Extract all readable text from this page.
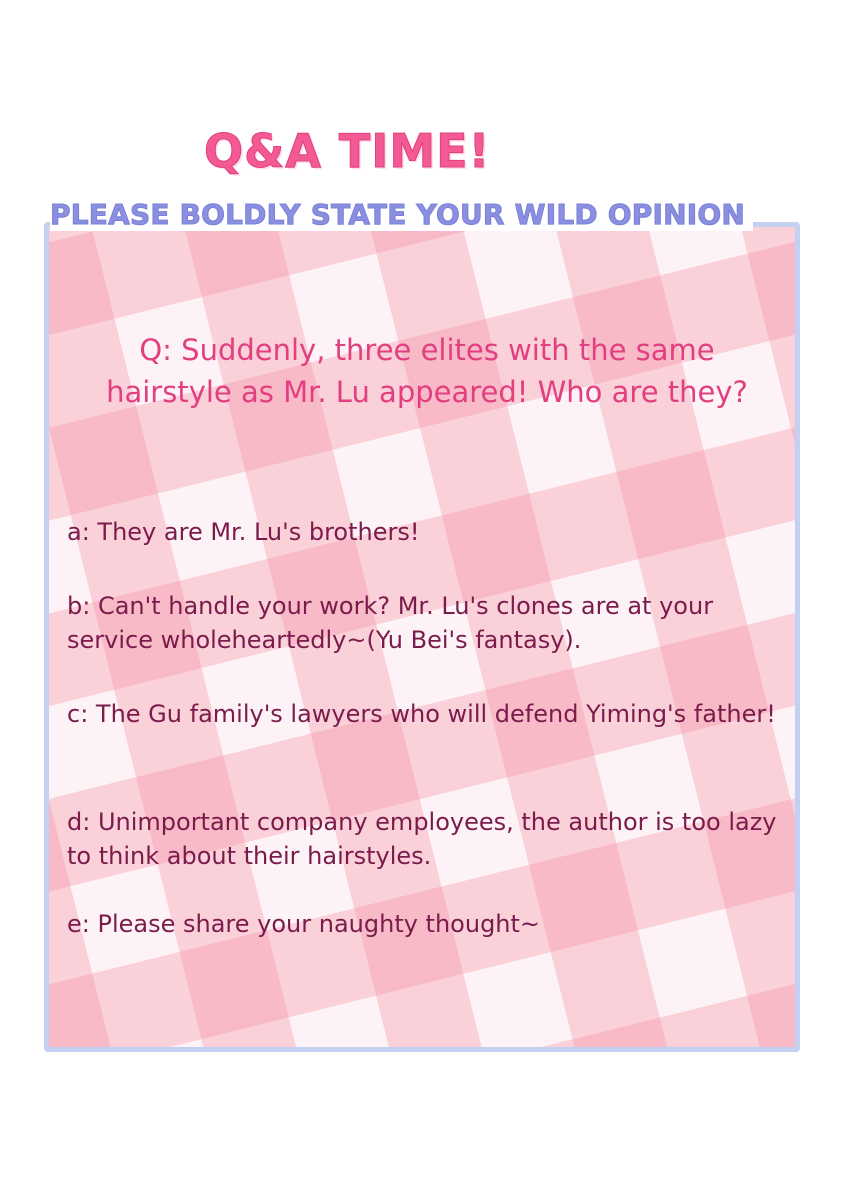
Q&A TIME!
PLEASE BOLDLY STATE YOUR WILD OPINION

Q: Suddenly, three elites with the same hairstyle as Mr. Lu appeared! Who are they?

a: They are Mr. Lu's brothers!

b: Can't handle your work? Mr. Lu's clones are at your service wholeheartedly~(Yu Bei's fantasy).

c: The Gu family's lawyers who will defend Yiming's father!

d: Unimportant company employees, the author is too lazy to think about their hairstyles.

e: Please share your naughty thought~
